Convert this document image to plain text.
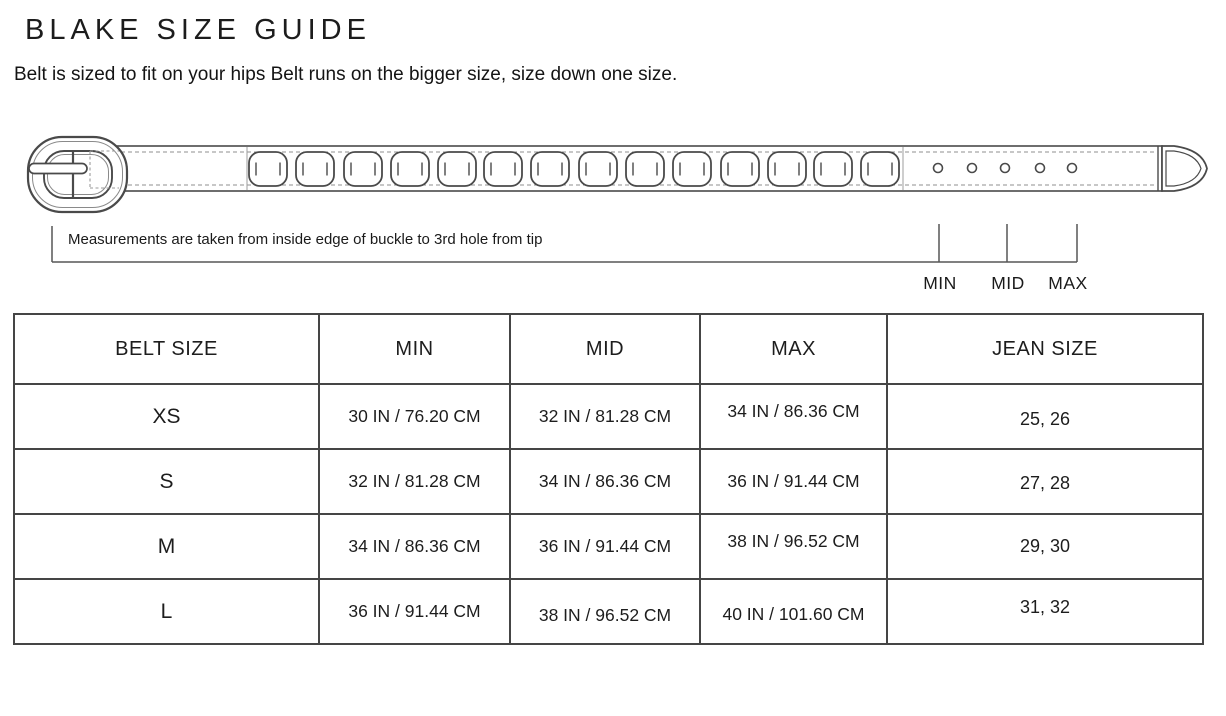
BLAKE SIZE GUIDE

Belt is sized to fit on your hips Belt runs on the bigger size, size down one size.

Measurements are taken from inside edge of buckle to 3rd hole from tip
MIN MID MAX
BELT SIZE	MIN	MID	MAX	JEAN SIZE
XS	30 IN / 76.20 CM	32 IN / 81.28 CM	34 IN / 86.36 CM	25, 26
S	32 IN / 81.28 CM	34 IN / 86.36 CM	36 IN / 91.44 CM	27, 28
M	34 IN / 86.36 CM	36 IN / 91.44 CM	38 IN / 96.52 CM	29, 30
L	36 IN / 91.44 CM	38 IN / 96.52 CM	40 IN / 101.60 CM	31, 32
